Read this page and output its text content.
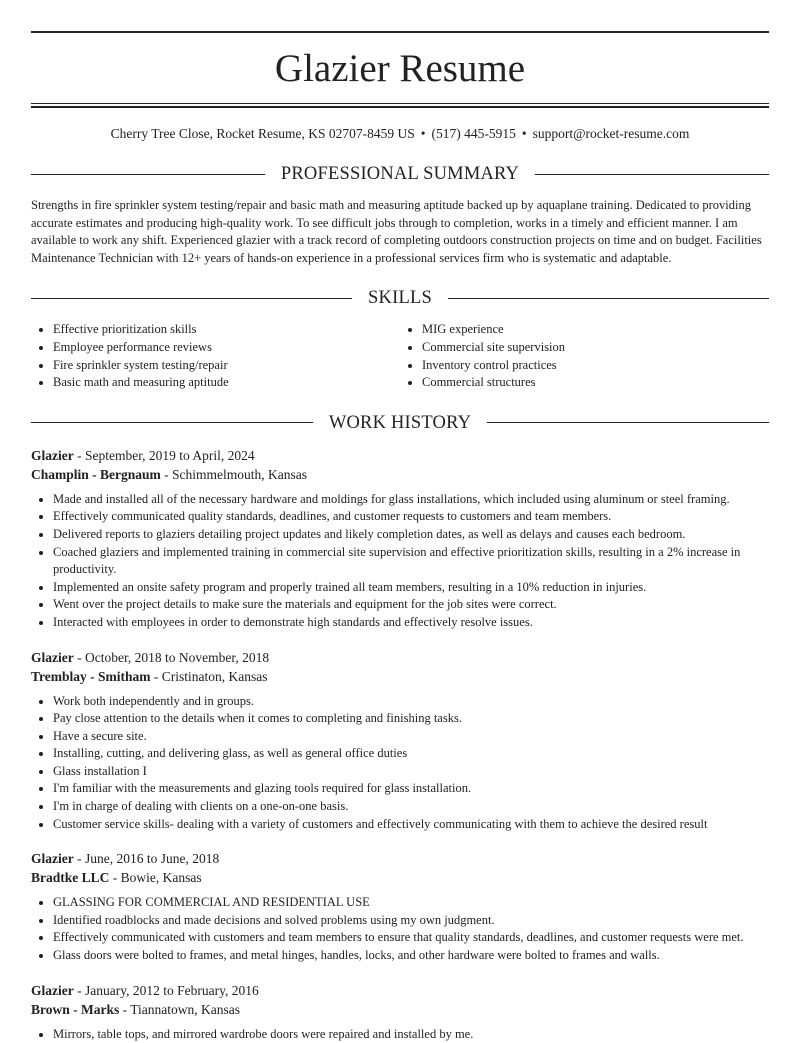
Glazier Resume
Cherry Tree Close, Rocket Resume, KS 02707-8459 US • (517) 445-5915 • support@rocket-resume.com
PROFESSIONAL SUMMARY

Strengths in fire sprinkler system testing/repair and basic math and measuring aptitude backed up by aquaplane training. Dedicated to providing accurate estimates and producing high-quality work. To see difficult jobs through to completion, works in a timely and efficient manner. I am available to work any shift. Experienced glazier with a track record of completing outdoors construction projects on time and on budget. Facilities Maintenance Technician with 12+ years of hands-on experience in a professional services firm who is systematic and adaptable.

SKILLS
• Effective prioritization skills
• Employee performance reviews
• Fire sprinkler system testing/repair
• Basic math and measuring aptitude
• MIG experience
• Commercial site supervision
• Inventory control practices
• Commercial structures
WORK HISTORY
Glazier - September, 2019 to April, 2024
Champlin - Bergnaum - Schimmelmouth, Kansas
• Made and installed all of the necessary hardware and moldings for glass installations, which included using aluminum or steel framing.
• Effectively communicated quality standards, deadlines, and customer requests to customers and team members.
• Delivered reports to glaziers detailing project updates and likely completion dates, as well as delays and causes each bedroom.
• Coached glaziers and implemented training in commercial site supervision and effective prioritization skills, resulting in a 2% increase in productivity.
• Implemented an onsite safety program and properly trained all team members, resulting in a 10% reduction in injuries.
• Went over the project details to make sure the materials and equipment for the job sites were correct.
• Interacted with employees in order to demonstrate high standards and effectively resolve issues.
Glazier - October, 2018 to November, 2018
Tremblay - Smitham - Cristinaton, Kansas
• Work both independently and in groups.
• Pay close attention to the details when it comes to completing and finishing tasks.
• Have a secure site.
• Installing, cutting, and delivering glass, as well as general office duties
• Glass installation I
• I'm familiar with the measurements and glazing tools required for glass installation.
• I'm in charge of dealing with clients on a one-on-one basis.
• Customer service skills- dealing with a variety of customers and effectively communicating with them to achieve the desired result
Glazier - June, 2016 to June, 2018
Bradtke LLC - Bowie, Kansas
• GLASSING FOR COMMERCIAL AND RESIDENTIAL USE
• Identified roadblocks and made decisions and solved problems using my own judgment.
• Effectively communicated with customers and team members to ensure that quality standards, deadlines, and customer requests were met.
• Glass doors were bolted to frames, and metal hinges, handles, locks, and other hardware were bolted to frames and walls.
Glazier - January, 2012 to February, 2016
Brown - Marks - Tiannatown, Kansas
• Mirrors, table tops, and mirrored wardrobe doors were repaired and installed by me.
